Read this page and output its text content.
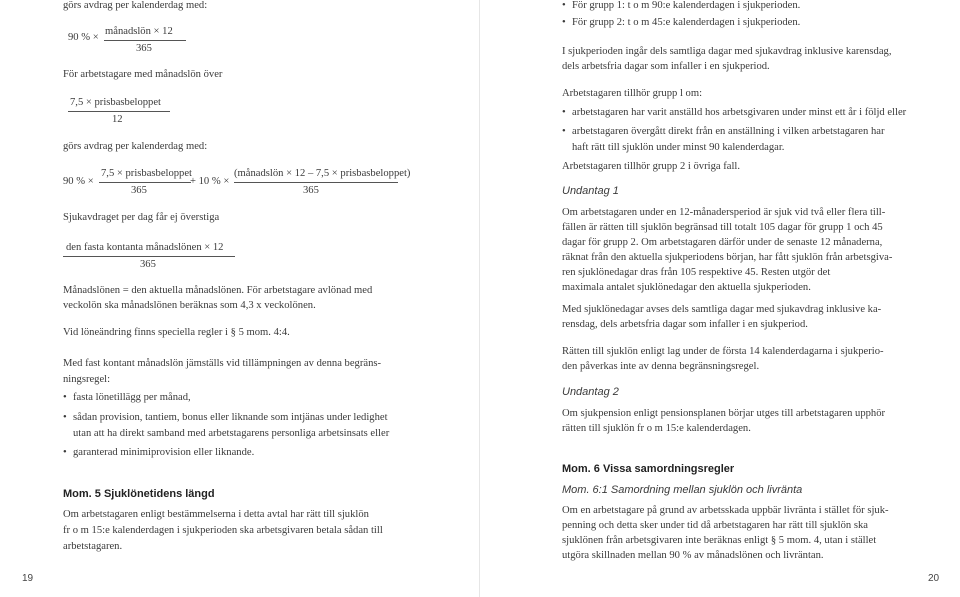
görs avdrag per kalenderdag med:
90 % ×
månadslön × 12
365
För arbetstagare med månadslön över
7,5 × prisbasbeloppet
12
görs avdrag per kalenderdag med:
90 % ×
7,5 × prisbasbeloppet
365
+ 10 % ×
(månadslön × 12 – 7,5 × prisbasbeloppet)
365
Sjukavdraget per dag får ej överstiga
den fasta kontanta månadslönen × 12
365
Månadslönen = den aktuella månadslönen. För arbetstagare avlönad med
veckolön ska månadslönen beräknas som 4,3 x veckolönen.
Vid löneändring finns speciella regler i § 5 mom. 4:4.
Med fast kontant månadslön jämställs vid tillämpningen av denna begräns-
ningsregel:
• fasta lönetillägg per månad,
• sådan provision, tantiem, bonus eller liknande som intjänas under ledighet
utan att ha direkt samband med arbetstagarens personliga arbetsinsats eller
• garanterad minimiprovision eller liknande.
Mom. 5 Sjuklönetidens längd
Om arbetstagaren enligt bestämmelserna i detta avtal har rätt till sjuklön
fr o m 15:e kalenderdagen i sjukperioden ska arbetsgivaren betala sådan till
arbetstagaren.
19
• För grupp 1: t o m 90:e kalenderdagen i sjukperioden.
• För grupp 2: t o m 45:e kalenderdagen i sjukperioden.
I sjukperioden ingår dels samtliga dagar med sjukavdrag inklusive karensdag,
dels arbetsfria dagar som infaller i en sjukperiod.
Arbetstagaren tillhör grupp l om:
• arbetstagaren har varit anställd hos arbetsgivaren under minst ett år i följd eller
• arbetstagaren övergått direkt från en anställning i vilken arbetstagaren har
haft rätt till sjuklön under minst 90 kalenderdagar.
Arbetstagaren tillhör grupp 2 i övriga fall.
Undantag 1
Om arbetstagaren under en 12-månadersperiod är sjuk vid två eller flera till-
fällen är rätten till sjuklön begränsad till totalt 105 dagar för grupp 1 och 45
dagar för grupp 2. Om arbetstagaren därför under de senaste 12 månaderna,
räknat från den aktuella sjukperiodens början, har fått sjuklön från arbetsgiva-
ren sjuklönedagar dras från 105 respektive 45. Resten utgör det
maximala antalet sjuklönedagar den aktuella sjukperioden.
Med sjuklönedagar avses dels samtliga dagar med sjukavdrag inklusive ka-
rensdag, dels arbetsfria dagar som infaller i en sjukperiod.
Rätten till sjuklön enligt lag under de första 14 kalenderdagarna i sjukperio-
den påverkas inte av denna begränsningsregel.
Undantag 2
Om sjukpension enligt pensionsplanen börjar utges till arbetstagaren upphör
rätten till sjuklön fr o m 15:e kalenderdagen.
Mom. 6 Vissa samordningsregler
Mom. 6:1 Samordning mellan sjuklön och livränta
Om en arbetstagare på grund av arbetsskada uppbär livränta i stället för sjuk-
penning och detta sker under tid då arbetstagaren har rätt till sjuklön ska
sjuklönen från arbetsgivaren inte beräknas enligt § 5 mom. 4, utan i stället
utgöra skillnaden mellan 90 % av månadslönen och livräntan.
20
